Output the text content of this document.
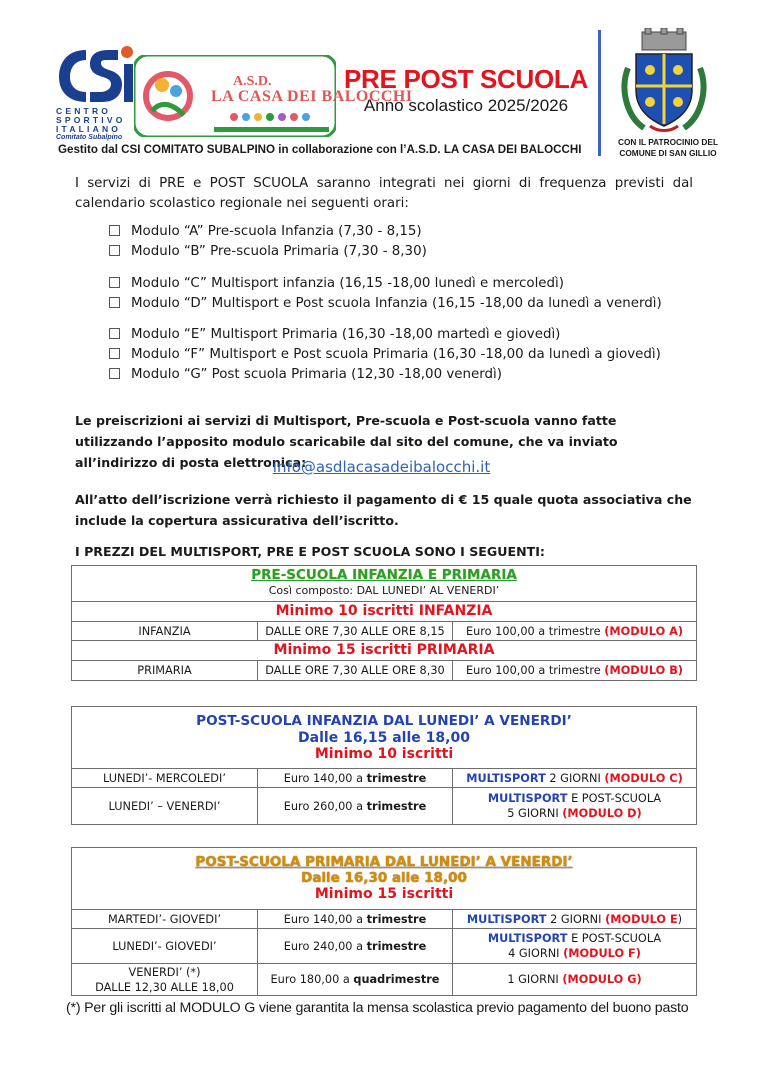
CENTRO
SPORTIVO
ITALIANO
Comitato Subalpino
A.S.D.
LA CASA DEI BALOCCHI
PRE POST SCUOLA
Anno scolastico 2025/2026
CON IL PATROCINIO DEL
COMUNE DI SAN GILLIO
Gestito dal CSI COMITATO SUBALPINO in collaborazione con l’A.S.D. LA CASA DEI BALOCCHI
I servizi di PRE e POST SCUOLA saranno integrati nei giorni di frequenza previsti dal calendario scolastico regionale nei seguenti orari:
Modulo “A” Pre-scuola Infanzia (7,30 - 8,15)
Modulo “B” Pre-scuola Primaria (7,30 - 8,30)
Modulo “C” Multisport infanzia (16,15 -18,00 lunedì e mercoledì)
Modulo “D” Multisport e Post scuola Infanzia (16,15 -18,00 da lunedì a venerdì)
Modulo “E” Multisport Primaria (16,30 -18,00 martedì e giovedì)
Modulo “F” Multisport e Post scuola Primaria (16,30 -18,00 da lunedì a giovedì)
Modulo “G” Post scuola Primaria (12,30 -18,00 venerdì)
Le preiscrizioni ai servizi di Multisport, Pre-scuola e Post-scuola vanno fatte utilizzando l’apposito modulo scaricabile dal sito del comune, che va inviato all’indirizzo di posta elettronica:
info@asdlacasadeibalocchi.it
All’atto dell’iscrizione verrà richiesto il pagamento di € 15 quale quota associativa che include la copertura assicurativa dell’iscritto.
I PREZZI DEL MULTISPORT, PRE E POST SCUOLA SONO I SEGUENTI:
PRE-SCUOLA INFANZIA E PRIMARIA
Così composto: DAL LUNEDI’ AL VENERDI’		

Minimo 10 iscritti INFANZIA		
INFANZIA	DALLE ORE 7,30 ALLE ORE 8,15	Euro 100,00 a trimestre (MODULO A)
Minimo 15 iscritti PRIMARIA		
PRIMARIA	DALLE ORE 7,30 ALLE ORE 8,30	Euro 100,00 a trimestre (MODULO B)
POST-SCUOLA INFANZIA DAL LUNEDI’ A VENERDI’
Dalle 16,15 alle 18,00
Minimo 10 iscritti		

LUNEDI’- MERCOLEDI’	Euro 140,00 a trimestre	MULTISPORT 2 GIORNI (MODULO C)
LUNEDI’ – VENERDI’	Euro 260,00 a trimestre	MULTISPORT E POST-SCUOLA
5 GIORNI (MODULO D)
POST-SCUOLA PRIMARIA DAL LUNEDI’ A VENERDI’
Dalle 16,30 alle 18,00
Minimo 15 iscritti		

MARTEDI’- GIOVEDI’	Euro 140,00 a trimestre	MULTISPORT 2 GIORNI (MODULO E)
LUNEDI’- GIOVEDI’	Euro 240,00 a trimestre	MULTISPORT E POST-SCUOLA
4 GIORNI (MODULO F)

VENERDI’ (*)
DALLE 12,30 ALLE 18,00	Euro 180,00 a quadrimestre	1 GIORNI (MODULO G)
(*) Per gli iscritti al MODULO G viene garantita la mensa scolastica previo pagamento del buono pasto
